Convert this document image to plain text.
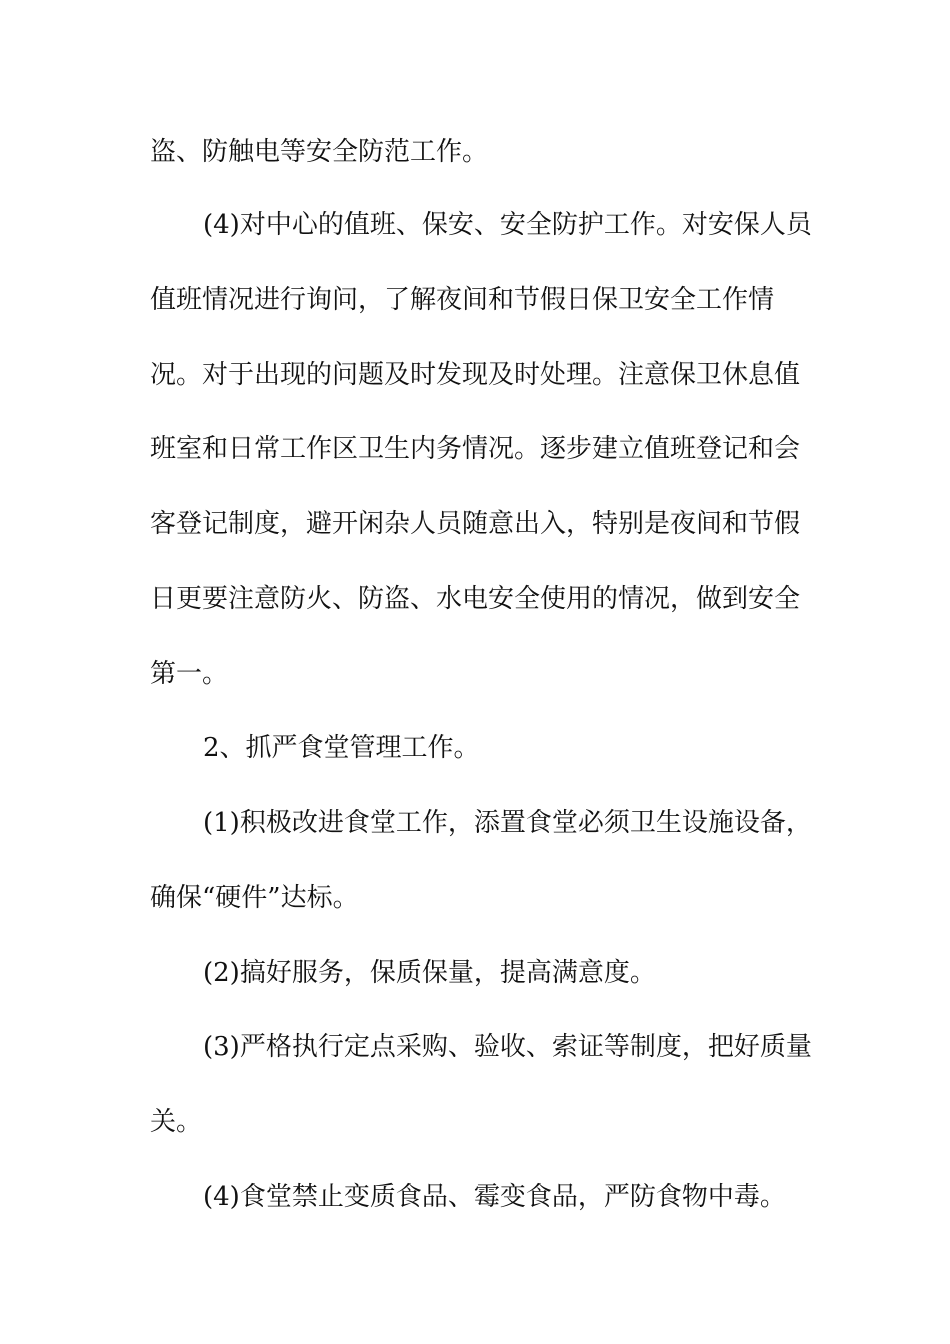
盗、防触电等安全防范工作。

(4)对中心的值班、保安、安全防护工作。对安保人员

值班情况进行询问，了解夜间和节假日保卫安全工作情

况。对于出现的问题及时发现及时处理。注意保卫休息值

班室和日常工作区卫生内务情况。逐步建立值班登记和会

客登记制度，避开闲杂人员随意出入，特别是夜间和节假

日更要注意防火、防盗、水电安全使用的情况，做到安全

第一。

2、抓严食堂管理工作。

(1)积极改进食堂工作，添置食堂必须卫生设施设备，

确保“硬件”达标。

(2)搞好服务，保质保量，提高满意度。

(3)严格执行定点采购、验收、索证等制度，把好质量

关。

(4)食堂禁止变质食品、霉变食品，严防食物中毒。
